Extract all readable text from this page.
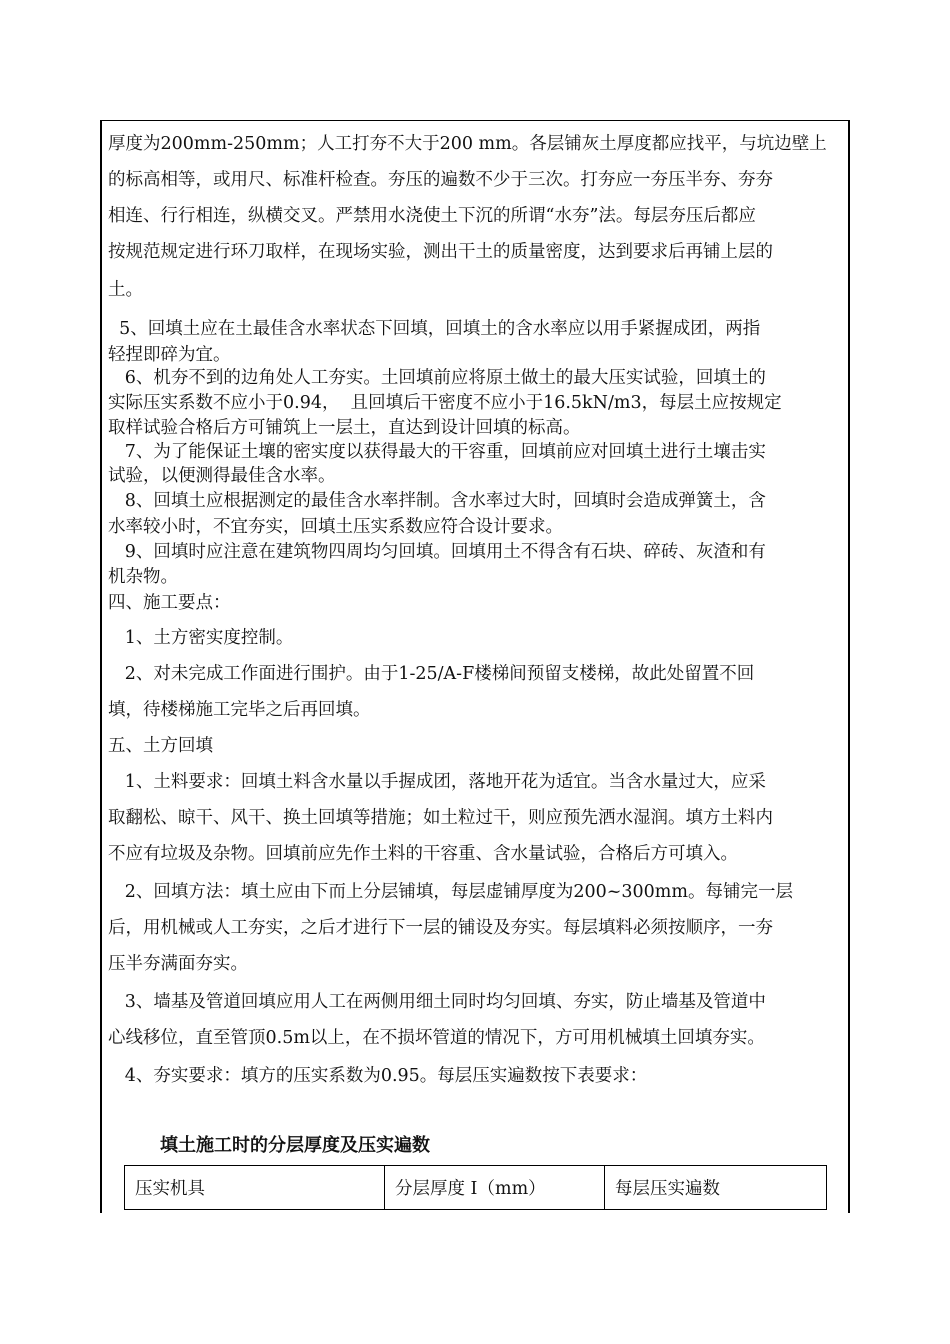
厚度为200mm-250mm；人工打夯不大于200 mm。各层铺灰土厚度都应找平，与坑边壁上
的标高相等，或用尺、标准杆检查。夯压的遍数不少于三次。打夯应一夯压半夯、夯夯
相连、行行相连，纵横交叉。严禁用水浇使土下沉的所谓“水夯”法。每层夯压后都应
按规范规定进行环刀取样，在现场实验，测出干土的质量密度，达到要求后再铺上层的
土。
5、回填土应在土最佳含水率状态下回填，回填土的含水率应以用手紧握成团，两指
轻捏即碎为宜。
6、机夯不到的边角处人工夯实。土回填前应将原土做土的最大压实试验，回填土的
实际压实系数不应小于0.94，  且回填后干密度不应小于16.5kN/m3，每层土应按规定
取样试验合格后方可铺筑上一层土，直达到设计回填的标高。
7、为了能保证土壤的密实度以获得最大的干容重，回填前应对回填土进行土壤击实
试验，以便测得最佳含水率。
8、回填土应根据测定的最佳含水率拌制。含水率过大时，回填时会造成弹簧土，含
水率较小时，不宜夯实，回填土压实系数应符合设计要求。
9、回填时应注意在建筑物四周均匀回填。回填用土不得含有石块、碎砖、灰渣和有
机杂物。
四、施工要点：
1、土方密实度控制。
2、对未完成工作面进行围护。由于1-25/A-F楼梯间预留支楼梯，故此处留置不回
填，待楼梯施工完毕之后再回填。
五、土方回填
1、土料要求：回填土料含水量以手握成团，落地开花为适宜。当含水量过大，应采
取翻松、晾干、风干、换土回填等措施；如土粒过干，则应预先洒水湿润。填方土料内
不应有垃圾及杂物。回填前应先作土料的干容重、含水量试验，合格后方可填入。
2、回填方法：填土应由下而上分层铺填，每层虚铺厚度为200~300mm。每铺完一层
后，用机械或人工夯实，之后才进行下一层的铺设及夯实。每层填料必须按顺序，一夯
压半夯满面夯实。
3、墙基及管道回填应用人工在两侧用细土同时均匀回填、夯实，防止墙基及管道中
心线移位，直至管顶0.5m以上，在不损坏管道的情况下，方可用机械填土回填夯实。
4、夯实要求：填方的压实系数为0.95。每层压实遍数按下表要求：
填土施工时的分层厚度及压实遍数
压实机具	分层厚度 I（mm）	每层压实遍数
